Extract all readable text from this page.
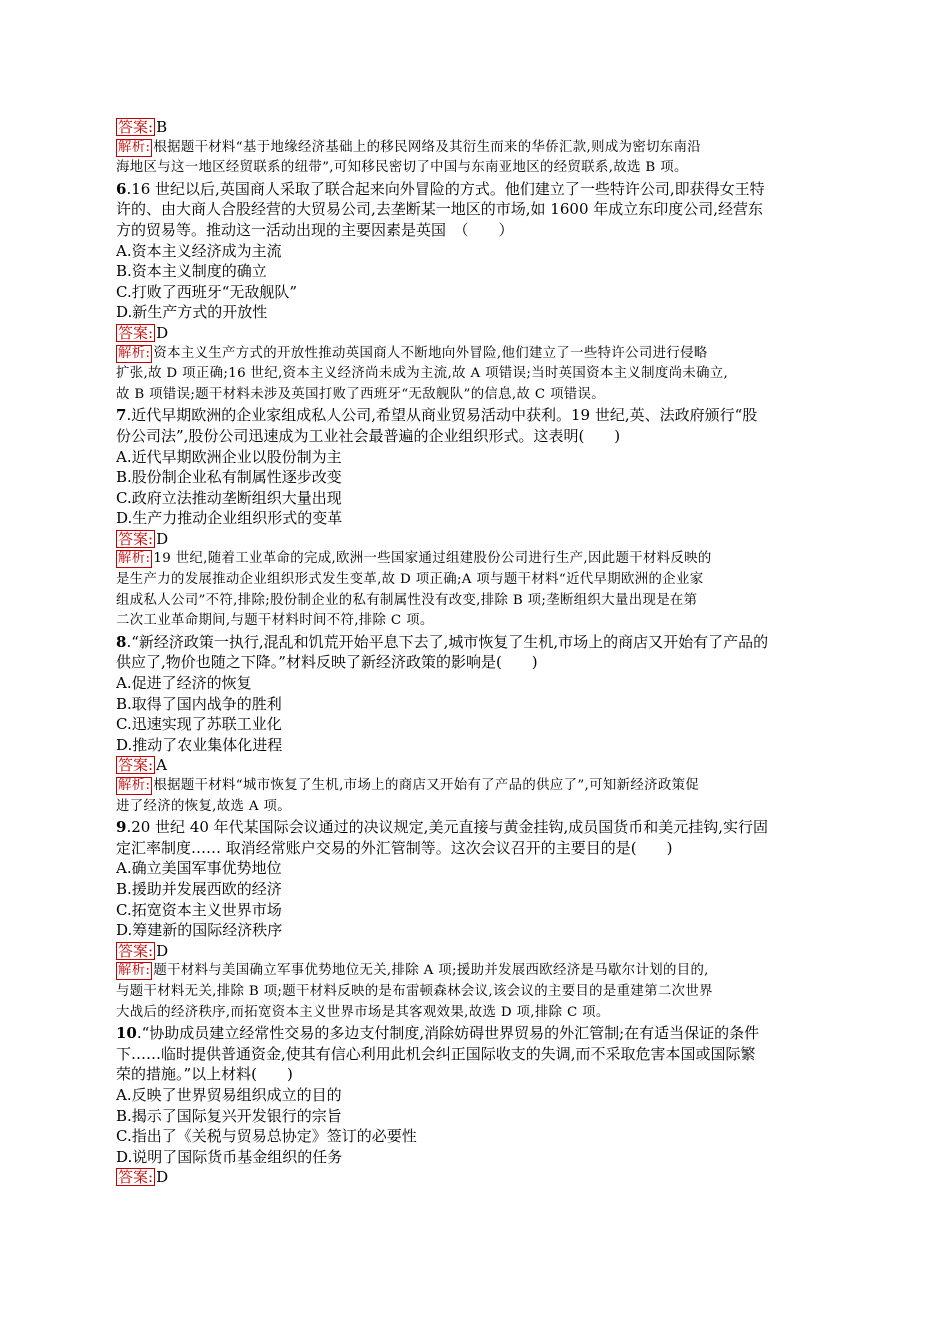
答案: B
解析: 根据题干材料“基于地缘经济基础上的移民网络及其衍生而来的华侨汇款,则成为密切东南沿
海地区与这一地区经贸联系的纽带”,可知移民密切了中国与东南亚地区的经贸联系,故选 B 项。
6.16 世纪以后,英国商人采取了联合起来向外冒险的方式。他们建立了一些特许公司,即获得女王特
许的、由大商人合股经营的大贸易公司,去垄断某一地区的市场,如 1600 年成立东印度公司,经营东
方的贸易等。推动这一活动出现的主要因素是英国　（　　）
A.资本主义经济成为主流
B.资本主义制度的确立
C.打败了西班牙“无敌舰队”
D.新生产方式的开放性
答案: D
解析: 资本主义生产方式的开放性推动英国商人不断地向外冒险,他们建立了一些特许公司进行侵略
扩张,故 D 项正确;16 世纪,资本主义经济尚未成为主流,故 A 项错误;当时英国资本主义制度尚未确立,
故 B 项错误;题干材料未涉及英国打败了西班牙“无敌舰队”的信息,故 C 项错误。
7.近代早期欧洲的企业家组成私人公司,希望从商业贸易活动中获利。19 世纪,英、法政府颁行“股
份公司法”,股份公司迅速成为工业社会最普遍的企业组织形式。这表明(　　)
A.近代早期欧洲企业以股份制为主
B.股份制企业私有制属性逐步改变
C.政府立法推动垄断组织大量出现
D.生产力推动企业组织形式的变革
答案: D
解析: 19 世纪,随着工业革命的完成,欧洲一些国家通过组建股份公司进行生产,因此题干材料反映的
是生产力的发展推动企业组织形式发生变革,故 D 项正确;A 项与题干材料“近代早期欧洲的企业家
组成私人公司”不符,排除;股份制企业的私有制属性没有改变,排除 B 项;垄断组织大量出现是在第
二次工业革命期间,与题干材料时间不符,排除 C 项。
8.“新经济政策一执行,混乱和饥荒开始平息下去了,城市恢复了生机,市场上的商店又开始有了产品的
供应了,物价也随之下降。”材料反映了新经济政策的影响是(　　)
A.促进了经济的恢复
B.取得了国内战争的胜利
C.迅速实现了苏联工业化
D.推动了农业集体化进程
答案: A
解析: 根据题干材料“城市恢复了生机,市场上的商店又开始有了产品的供应了”,可知新经济政策促
进了经济的恢复,故选 A 项。
9.20 世纪 40 年代某国际会议通过的决议规定,美元直接与黄金挂钩,成员国货币和美元挂钩,实行固
定汇率制度…… 取消经常账户交易的外汇管制等。这次会议召开的主要目的是(　　)
A.确立美国军事优势地位
B.援助并发展西欧的经济
C.拓宽资本主义世界市场
D.筹建新的国际经济秩序
答案: D
解析: 题干材料与美国确立军事优势地位无关,排除 A 项;援助并发展西欧经济是马歇尔计划的目的,
与题干材料无关,排除 B 项;题干材料反映的是布雷顿森林会议,该会议的主要目的是重建第二次世界
大战后的经济秩序,而拓宽资本主义世界市场是其客观效果,故选 D 项,排除 C 项。
10.“协助成员建立经常性交易的多边支付制度,消除妨碍世界贸易的外汇管制;在有适当保证的条件
下……临时提供普通资金,使其有信心利用此机会纠正国际收支的失调,而不采取危害本国或国际繁
荣的措施。”以上材料(　　)
A.反映了世界贸易组织成立的目的
B.揭示了国际复兴开发银行的宗旨
C.指出了《关税与贸易总协定》签订的必要性
D.说明了国际货币基金组织的任务
答案: D
